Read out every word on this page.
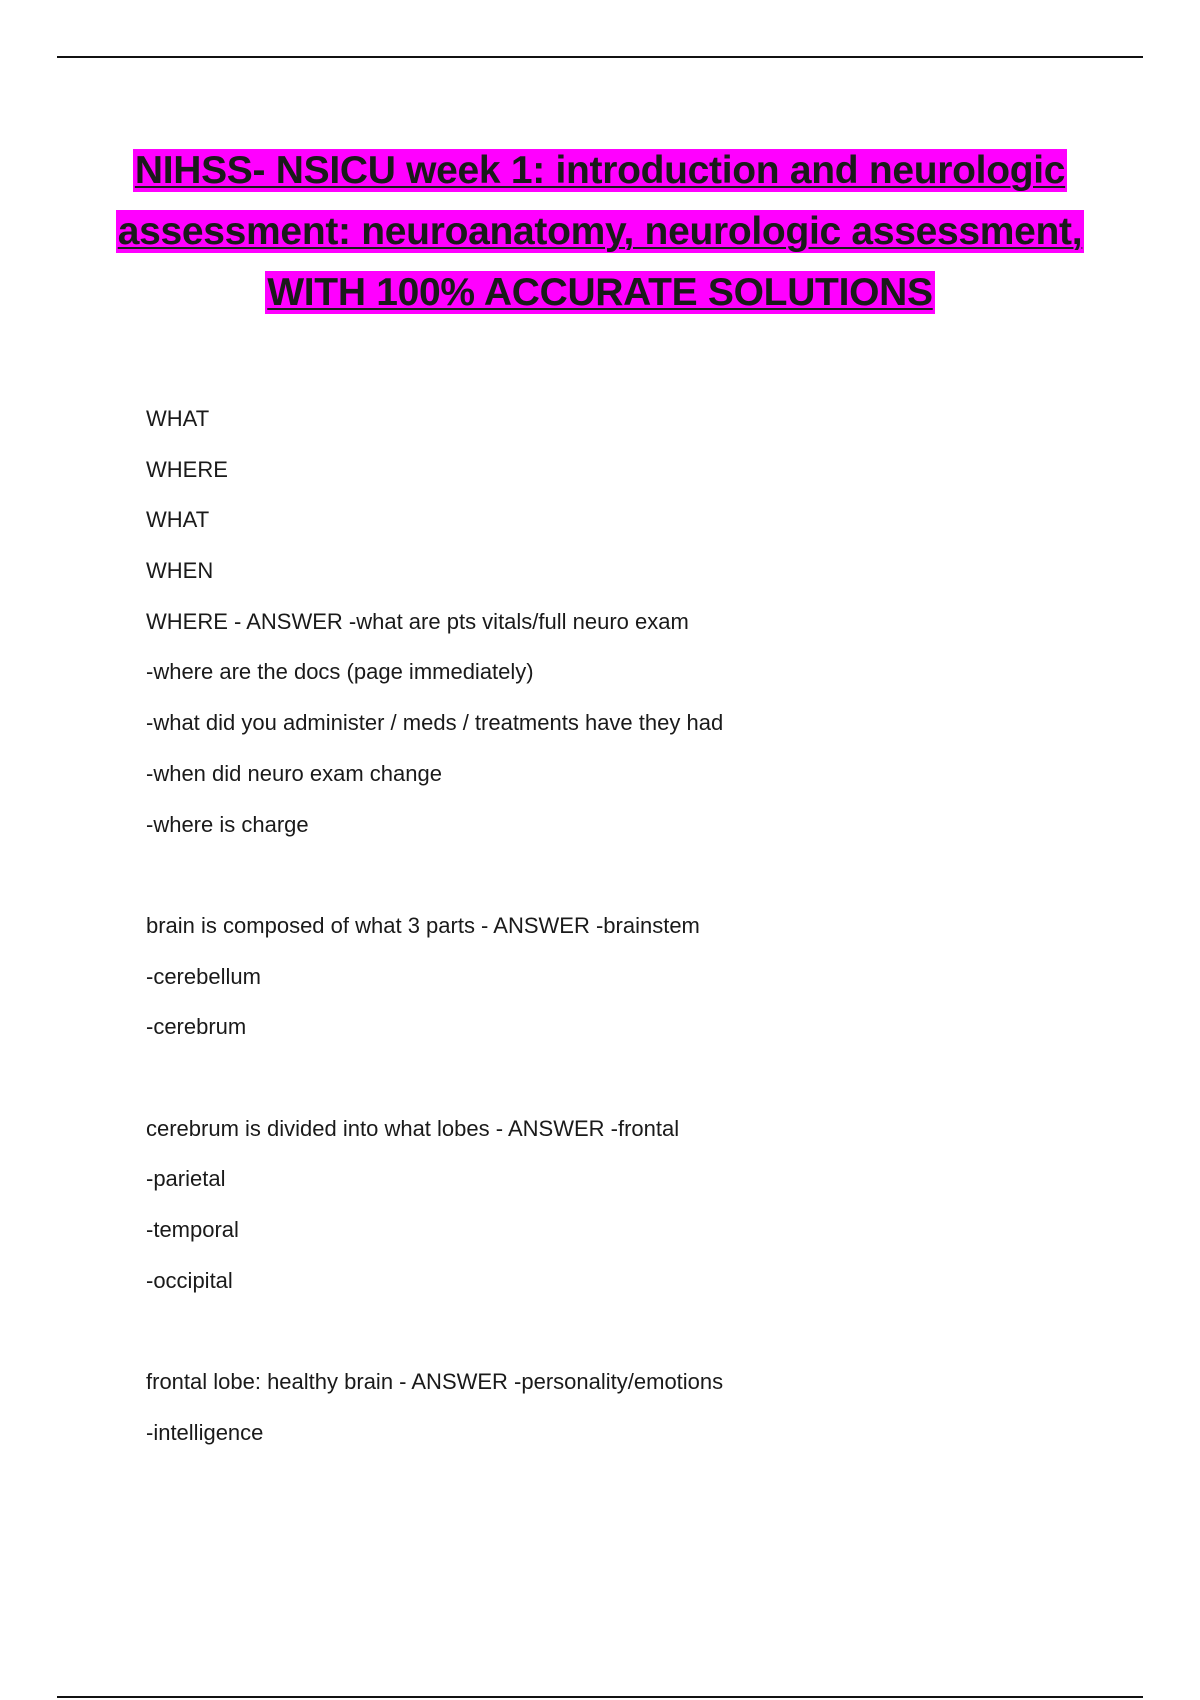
NIHSS- NSICU week 1: introduction and neurologic assessment: neuroanatomy, neurologic assessment, WITH 100% ACCURATE SOLUTIONS
WHAT
WHERE
WHAT
WHEN
WHERE - ANSWER -what are pts vitals/full neuro exam
-where are the docs (page immediately)
-what did you administer / meds / treatments have they had
-when did neuro exam change
-where is charge
brain is composed of what 3 parts - ANSWER -brainstem
-cerebellum
-cerebrum
cerebrum is divided into what lobes - ANSWER -frontal
-parietal
-temporal
-occipital
frontal lobe: healthy brain - ANSWER -personality/emotions
-intelligence
